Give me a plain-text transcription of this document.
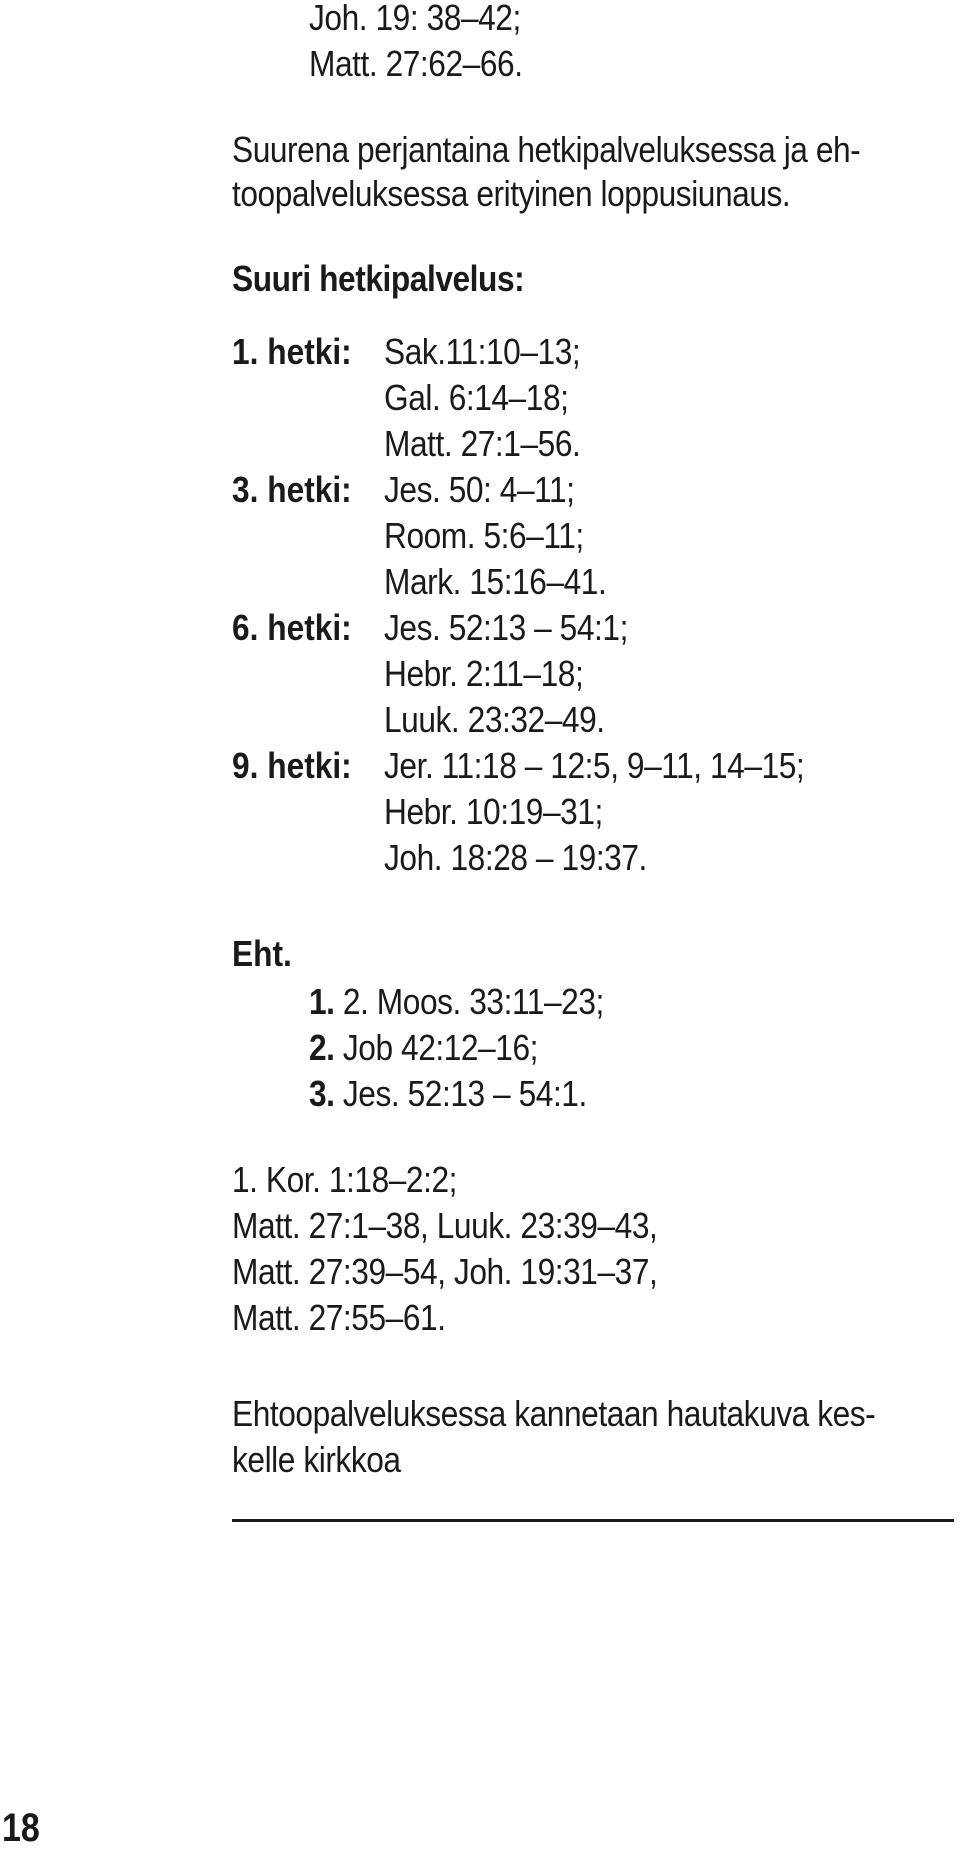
Joh. 19: 38–42;
Matt. 27:62–66.
Suurena perjantaina hetkipalveluksessa ja eh-
toopalveluksessa erityinen loppusiunaus.
Suuri hetkipalvelus:
1. hetki: Sak.11:10–13;
Gal. 6:14–18;
Matt. 27:1–56.
3. hetki: Jes. 50: 4–11;
Room. 5:6–11;
Mark. 15:16–41.
6. hetki: Jes. 52:13 – 54:1;
Hebr. 2:11–18;
Luuk. 23:32–49.
9. hetki: Jer. 11:18 – 12:5, 9–11, 14–15;
Hebr. 10:19–31;
Joh. 18:28 – 19:37.
Eht.
1. 2. Moos. 33:11–23;
2. Job 42:12–16;
3. Jes. 52:13 – 54:1.
1. Kor. 1:18–2:2;
Matt. 27:1–38, Luuk. 23:39–43,
Matt. 27:39–54, Joh. 19:31–37,
Matt. 27:55–61.
Ehtoopalveluksessa kannetaan hautakuva kes-
kelle kirkkoa
18
